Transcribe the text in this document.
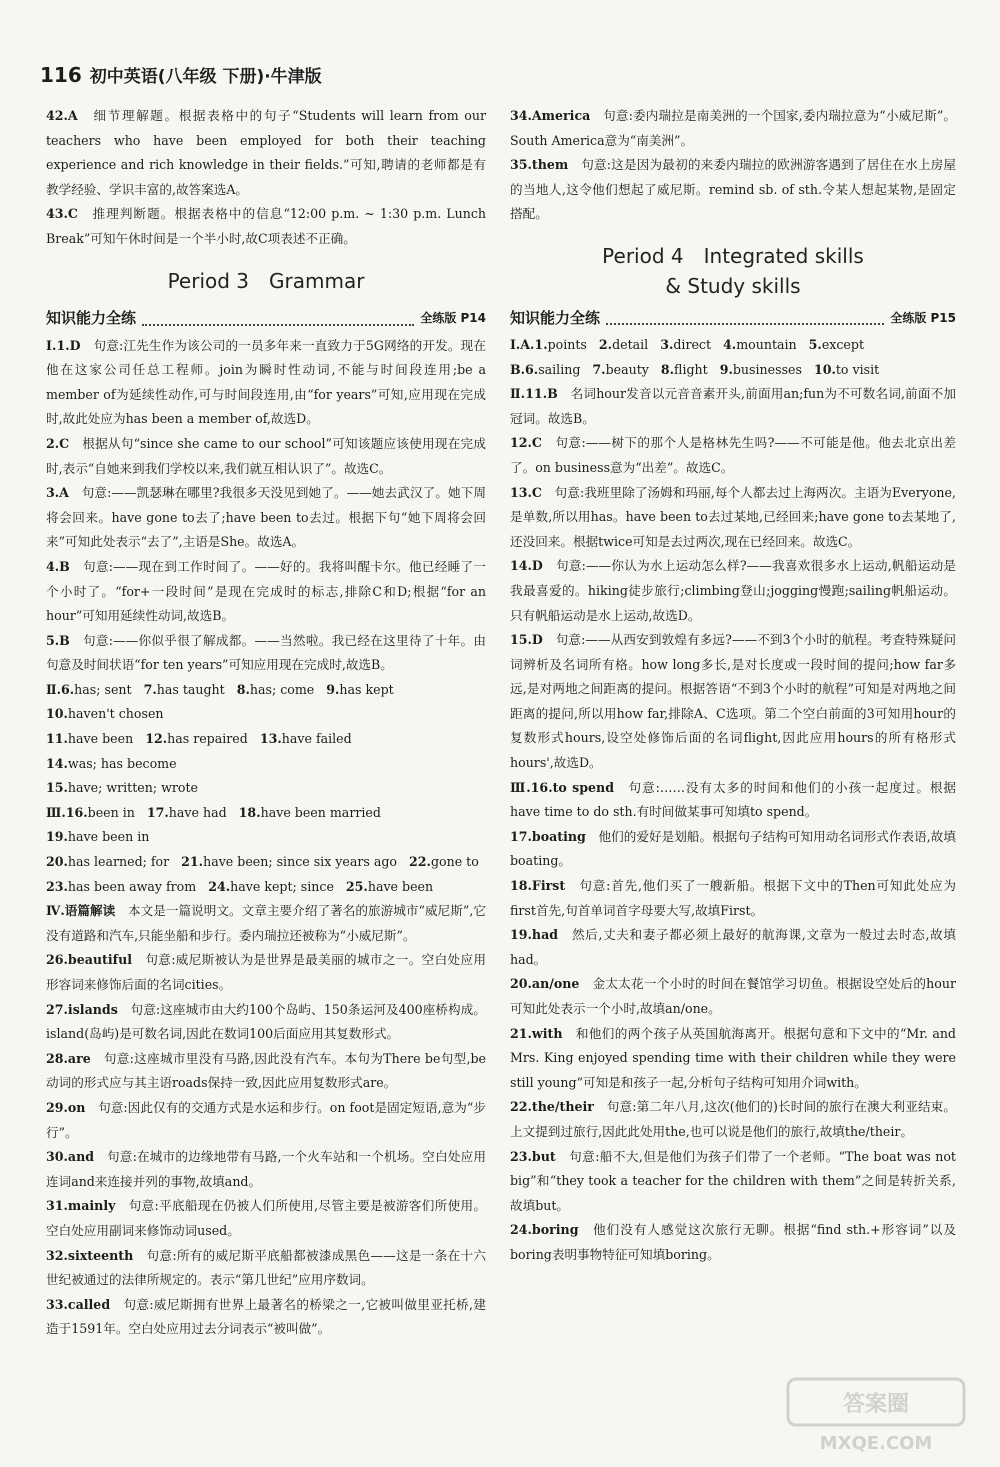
116 初中英语(八年级 下册)·牛津版

42.A　 细节理解题。根据表格中的句子“Students will learn from our teachers who have been employed for both their teaching experience and rich knowledge in their fields.”可知,聘请的老师都是有教学经验、学识丰富的,故答案选A。

43.C　 推理判断题。根据表格中的信息“12:00 p.m. ~ 1:30 p.m. Lunch Break”可知午休时间是一个半小时,故C项表述不正确。

Period 3　Grammar
知识能力全练	全练版 P14

Ⅰ.1.D　 句意:江先生作为该公司的一员多年来一直致力于5G网络的开发。现在他在这家公司任总工程师。join为瞬时性动词,不能与时间段连用;be a member of为延续性动作,可与时间段连用,由“for years”可知,应用现在完成时,故此处应为has been a member of,故选D。

2.C　 根据从句“since she came to our school”可知该题应该使用现在完成时,表示“自她来到我们学校以来,我们就互相认识了”。故选C。

3.A　 句意:——凯瑟琳在哪里?我很多天没见到她了。——她去武汉了。她下周将会回来。have gone to去了;have been to去过。根据下句“她下周将会回来”可知此处表示“去了”,主语是She。故选A。

4.B　 句意:——现在到工作时间了。——好的。我将叫醒卡尔。他已经睡了一个小时了。“for+一段时间”是现在完成时的标志,排除C和D;根据“for an hour”可知用延续性动词,故选B。

5.B　 句意:——你似乎很了解成都。——当然啦。我已经在这里待了十年。由句意及时间状语“for ten years”可知应用现在完成时,故选B。

Ⅱ.6.has; sent 7.has taught 8.has; come 9.has kept
10.haven't chosen
11.have been 12.has repaired 13.have failed
14.was; has become
15.have; written; wrote
Ⅲ.16.been in 17.have had 18.have been married
19.have been in
20.has learned; for 21.have been; since six years ago 22.gone to
23.has been away from 24.have kept; since 25.have been

Ⅳ.语篇解读　 本文是一篇说明文。文章主要介绍了著名的旅游城市“威尼斯”,它没有道路和汽车,只能坐船和步行。委内瑞拉还被称为“小威尼斯”。

26.beautiful　 句意:威尼斯被认为是世界是最美丽的城市之一。空白处应用形容词来修饰后面的名词cities。

27.islands　 句意:这座城市由大约100个岛屿、150条运河及400座桥构成。island(岛屿)是可数名词,因此在数词100后面应用其复数形式。

28.are　 句意:这座城市里没有马路,因此没有汽车。本句为There be句型,be动词的形式应与其主语roads保持一致,因此应用复数形式are。

29.on　 句意:因此仅有的交通方式是水运和步行。on foot是固定短语,意为“步行”。

30.and　 句意:在城市的边缘地带有马路,一个火车站和一个机场。空白处应用连词and来连接并列的事物,故填and。

31.mainly　 句意:平底船现在仍被人们所使用,尽管主要是被游客们所使用。空白处应用副词来修饰动词used。

32.sixteenth　 句意:所有的威尼斯平底船都被漆成黑色——这是一条在十六世纪被通过的法律所规定的。表示“第几世纪”应用序数词。

33.called　 句意:威尼斯拥有世界上最著名的桥梁之一,它被叫做里亚托桥,建造于1591年。空白处应用过去分词表示“被叫做”。

34.America　 句意:委内瑞拉是南美洲的一个国家,委内瑞拉意为“小威尼斯”。South America意为“南美洲”。

35.them　 句意:这是因为最初的来委内瑞拉的欧洲游客遇到了居住在水上房屋的当地人,这令他们想起了威尼斯。remind sb. of sth.令某人想起某物,是固定搭配。

Period 4　Integrated skills
& Study skills
知识能力全练	全练版 P15
Ⅰ.A.1.points 2.detail 3.direct 4.mountain 5.except
B.6.sailing 7.beauty 8.flight 9.businesses 10.to visit

Ⅱ.11.B　 名词hour发音以元音音素开头,前面用an;fun为不可数名词,前面不加冠词。故选B。

12.C　 句意:——树下的那个人是格林先生吗?——不可能是他。他去北京出差了。on business意为“出差”。故选C。

13.C　 句意:我班里除了汤姆和玛丽,每个人都去过上海两次。主语为Everyone,是单数,所以用has。have been to去过某地,已经回来;have gone to去某地了,还没回来。根据twice可知是去过两次,现在已经回来。故选C。

14.D　 句意:——你认为水上运动怎么样?——我喜欢很多水上运动,帆船运动是我最喜爱的。hiking徒步旅行;climbing登山;jogging慢跑;sailing帆船运动。只有帆船运动是水上运动,故选D。

15.D　 句意:——从西安到敦煌有多远?——不到3个小时的航程。考查特殊疑问词辨析及名词所有格。how long多长,是对长度或一段时间的提问;how far多远,是对两地之间距离的提问。根据答语“不到3个小时的航程”可知是对两地之间距离的提问,所以用how far,排除A、C选项。第二个空白前面的3可知用hour的复数形式hours,设空处修饰后面的名词flight,因此应用hours的所有格形式hours',故选D。

Ⅲ.16.to spend　 句意:……没有太多的时间和他们的小孩一起度过。根据have time to do sth.有时间做某事可知填to spend。

17.boating　 他们的爱好是划船。根据句子结构可知用动名词形式作表语,故填boating。

18.First　 句意:首先,他们买了一艘新船。根据下文中的Then可知此处应为first首先,句首单词首字母要大写,故填First。

19.had　 然后,丈夫和妻子都必须上最好的航海课,文章为一般过去时态,故填had。

20.an/one　 金太太花一个小时的时间在餐馆学习切鱼。根据设空处后的hour可知此处表示一个小时,故填an/one。

21.with　 和他们的两个孩子从英国航海离开。根据句意和下文中的“Mr. and Mrs. King enjoyed spending time with their children while they were still young”可知是和孩子一起,分析句子结构可知用介词with。

22.the/their　 句意:第二年八月,这次(他们的)长时间的旅行在澳大利亚结束。上文提到过旅行,因此此处用the,也可以说是他们的旅行,故填the/their。

23.but　 句意:船不大,但是他们为孩子们带了一个老师。“The boat was not big”和“they took a teacher for the children with them”之间是转折关系,故填but。

24.boring　 他们没有人感觉这次旅行无聊。根据“find sth.+形容词”以及boring表明事物特征可知填boring。

答案圈
MXQE.COM
